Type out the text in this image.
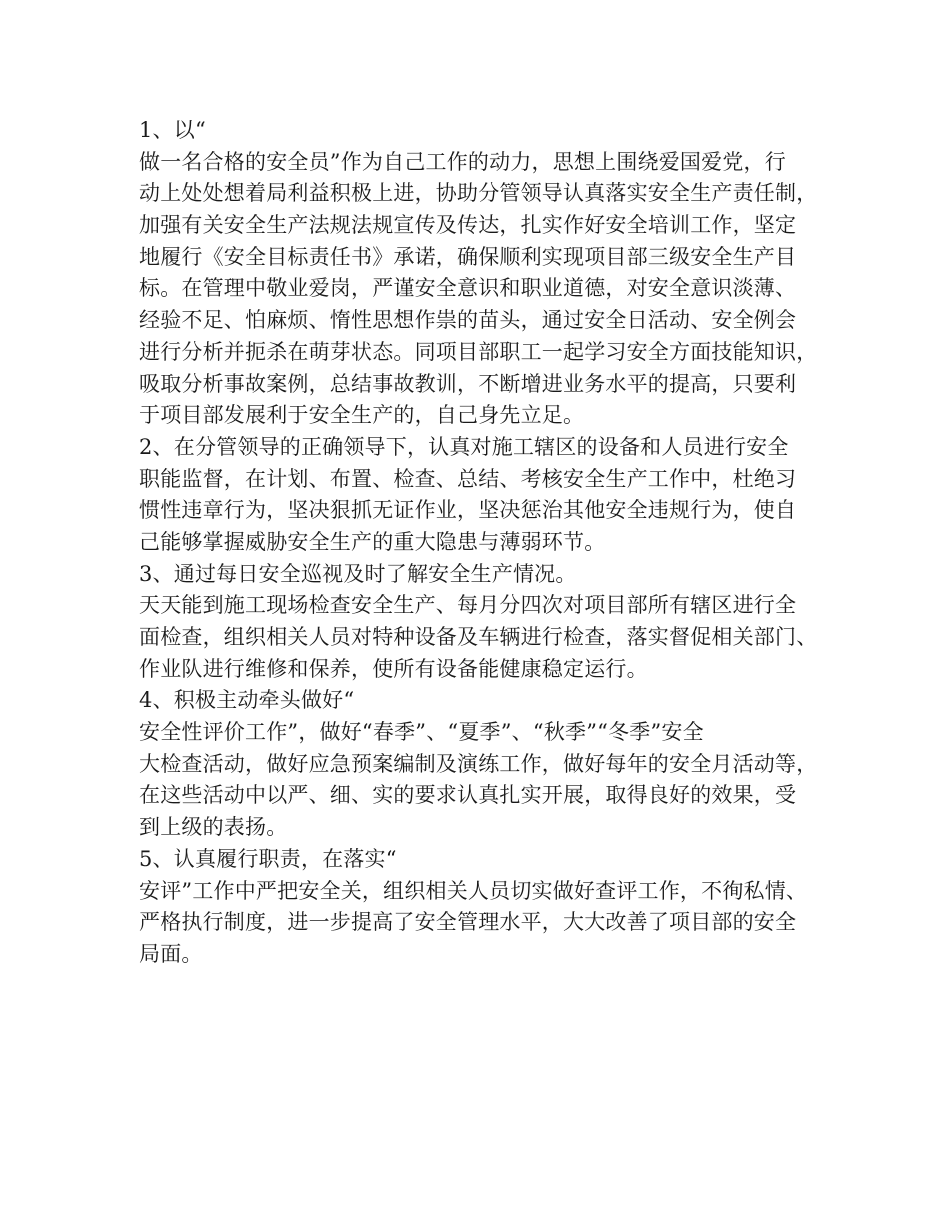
1、以“
做一名合格的安全员”作为自己工作的动力，思想上围绕爱国爱党，行
动上处处想着局利益积极上进，协助分管领导认真落实安全生产责任制，
加强有关安全生产法规法规宣传及传达，扎实作好安全培训工作，坚定
地履行《安全目标责任书》承诺，确保顺利实现项目部三级安全生产目
标。在管理中敬业爱岗，严谨安全意识和职业道德，对安全意识淡薄、
经验不足、怕麻烦、惰性思想作祟的苗头，通过安全日活动、安全例会
进行分析并扼杀在萌芽状态。同项目部职工一起学习安全方面技能知识，
吸取分析事故案例，总结事故教训，不断增进业务水平的提高，只要利
于项目部发展利于安全生产的，自己身先立足。
2、在分管领导的正确领导下，认真对施工辖区的设备和人员进行安全
职能监督，在计划、布置、检查、总结、考核安全生产工作中，杜绝习
惯性违章行为，坚决狠抓无证作业，坚决惩治其他安全违规行为，使自
己能够掌握威胁安全生产的重大隐患与薄弱环节。
3、通过每日安全巡视及时了解安全生产情况。
天天能到施工现场检查安全生产、每月分四次对项目部所有辖区进行全
面检查，组织相关人员对特种设备及车辆进行检查，落实督促相关部门、
作业队进行维修和保养，使所有设备能健康稳定运行。
4、积极主动牵头做好“
安全性评价工作”，做好“春季”、“夏季”、“秋季”“冬季”安全
大检查活动，做好应急预案编制及演练工作，做好每年的安全月活动等，
在这些活动中以严、细、实的要求认真扎实开展，取得良好的效果，受
到上级的表扬。
5、认真履行职责，在落实“
安评”工作中严把安全关，组织相关人员切实做好查评工作，不徇私情、
严格执行制度，进一步提高了安全管理水平，大大改善了项目部的安全
局面。
